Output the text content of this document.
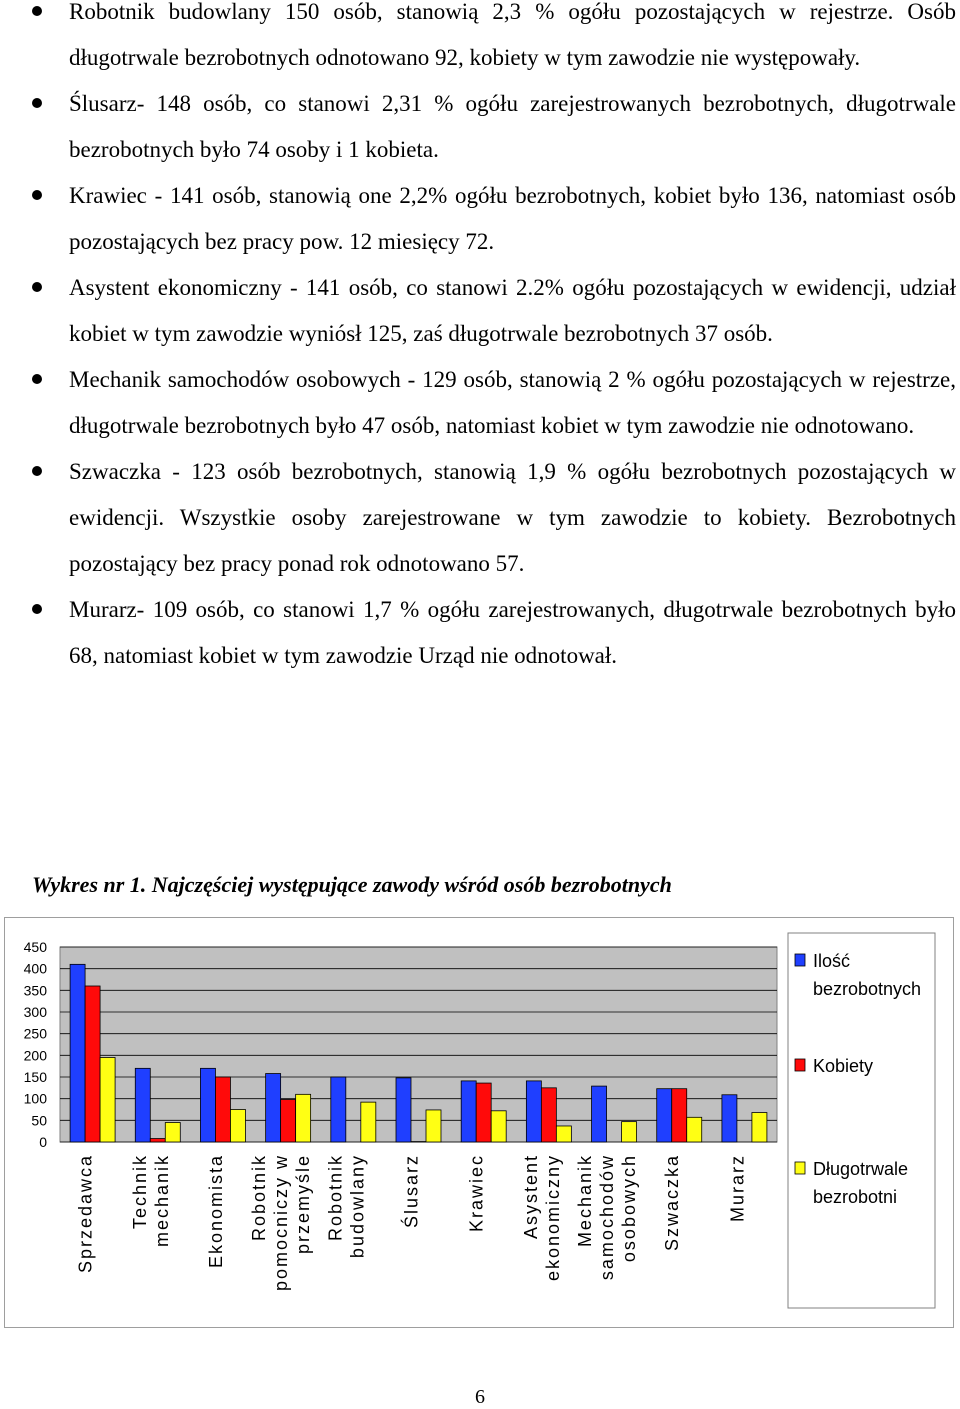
Robotnik budowlany 150 osób, stanowią 2,3 % ogółu pozostających w rejestrze. Osób długotrwale bezrobotnych odnotowano 92, kobiety w tym zawodzie nie występowały.
Ślusarz- 148 osób, co stanowi 2,31 % ogółu zarejestrowanych bezrobotnych, długotrwale bezrobotnych było 74 osoby i 1 kobieta.
Krawiec - 141 osób, stanowią one 2,2% ogółu bezrobotnych, kobiet było 136, natomiast osób pozostających bez pracy pow. 12 miesięcy 72.
Asystent ekonomiczny - 141 osób, co stanowi 2.2% ogółu pozostających w ewidencji, udział kobiet w tym zawodzie wyniósł 125, zaś długotrwale bezrobotnych 37 osób.
Mechanik samochodów osobowych - 129 osób, stanowią 2 % ogółu pozostających w rejestrze, długotrwale bezrobotnych było 47 osób, natomiast kobiet w tym zawodzie nie odnotowano.
Szwaczka - 123 osób bezrobotnych, stanowią 1,9 % ogółu bezrobotnych pozostających w ewidencji. Wszystkie osoby zarejestrowane w tym zawodzie to kobiety. Bezrobotnych pozostający bez pracy ponad rok odnotowano 57.
Murarz- 109 osób, co stanowi 1,7 % ogółu zarejestrowanych, długotrwale bezrobotnych było 68, natomiast kobiet w tym zawodzie Urząd nie odnotował.
Wykres nr 1. Najczęściej występujące zawody wśród osób bezrobotnych
0
50
100
150
200
250
300
350
400
450
Sprzedawca Technik mechanik Ekonomista Robotnik pomocniczy w przemyśle Robotnik budowlany Ślusarz	Krawiec Asystent ekonomiczny Mechanik samochodów osobowych Szwaczka	Murarz
Ilość
bezrobotnych
Kobiety
Długotrwale
bezrobotni
6
